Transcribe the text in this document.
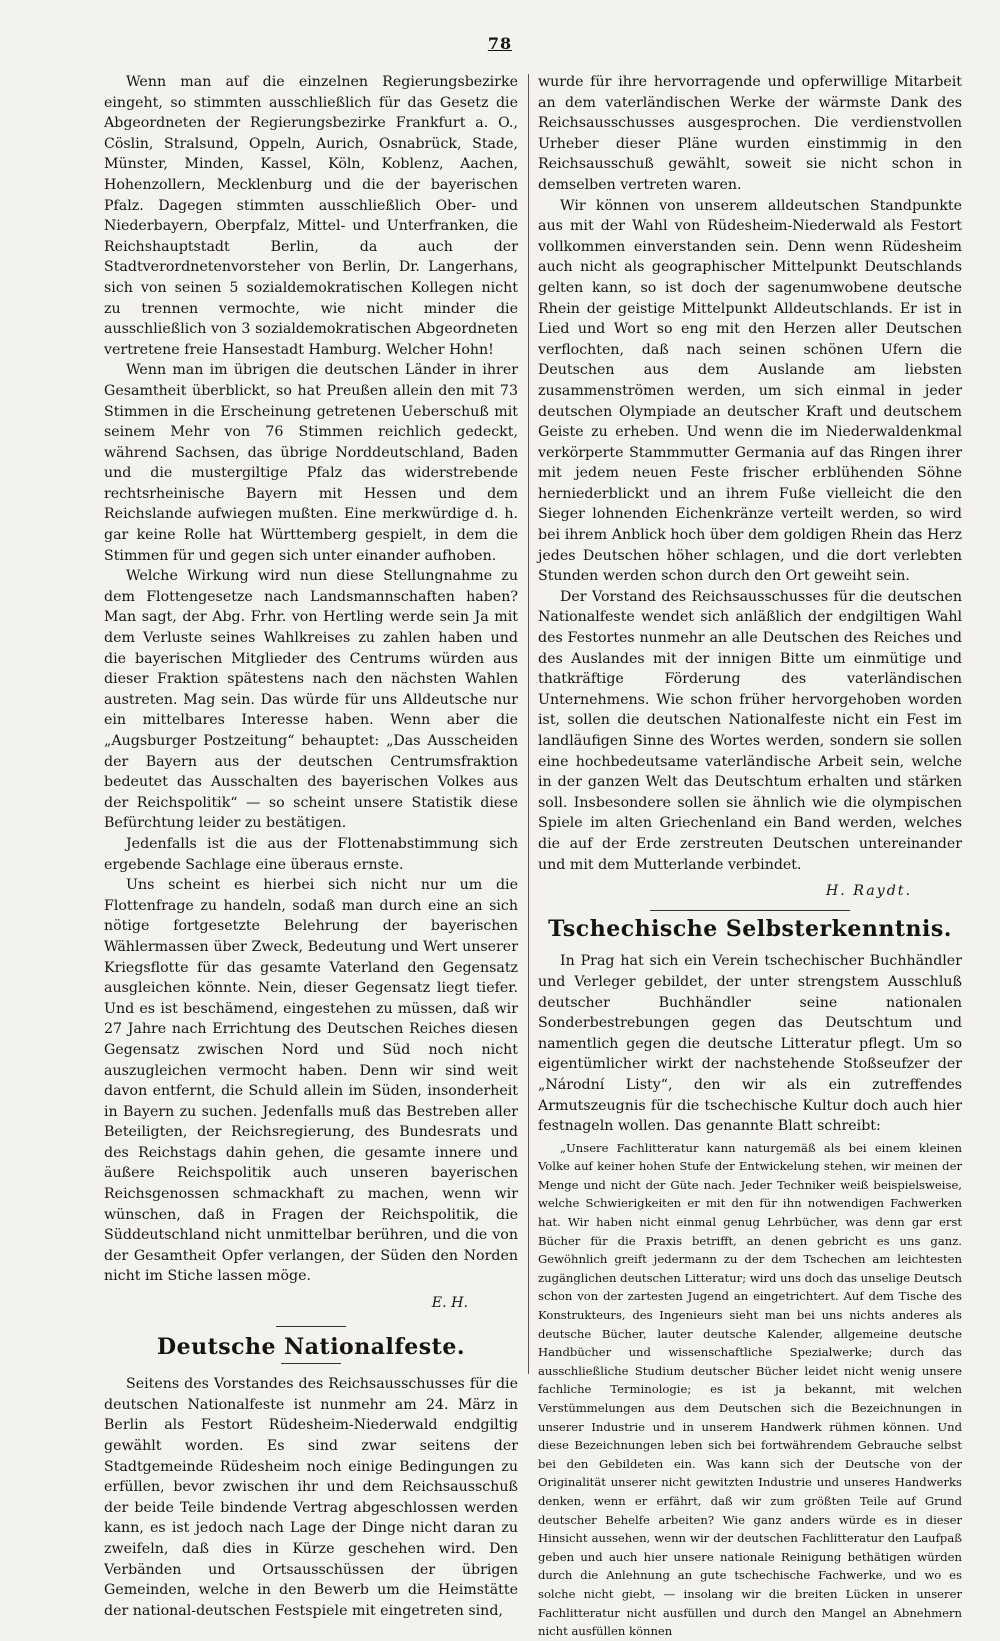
78

Wenn man auf die einzelnen Regierungsbezirke eingeht, so stimmten ausschließlich für das Gesetz die Abgeordneten der Regierungsbezirke Frankfurt a. O., Cöslin, Stralsund, Oppeln, Aurich, Osnabrück, Stade, Münster, Minden, Kassel, Köln, Koblenz, Aachen, Hohenzollern, Mecklenburg und die der bayerischen Pfalz. Dagegen stimmten ausschließlich Ober- und Niederbayern, Oberpfalz, Mittel- und Unterfranken, die Reichshauptstadt Berlin, da auch der Stadtverordnetenvorsteher von Berlin, Dr. Langerhans, sich von seinen 5 sozialdemokratischen Kollegen nicht zu trennen vermochte, wie nicht minder die ausschließlich von 3 sozialdemokratischen Abgeordneten vertretene freie Hansestadt Hamburg. Welcher Hohn!

Wenn man im übrigen die deutschen Länder in ihrer Gesamtheit überblickt, so hat Preußen allein den mit 73 Stimmen in die Erscheinung getretenen Ueberschuß mit seinem Mehr von 76 Stimmen reichlich gedeckt, während Sachsen, das übrige Norddeutschland, Baden und die mustergiltige Pfalz das widerstrebende rechtsrheinische Bayern mit Hessen und dem Reichslande aufwiegen mußten. Eine merkwürdige d. h. gar keine Rolle hat Württemberg gespielt, in dem die Stimmen für und gegen sich unter einander aufhoben.

Welche Wirkung wird nun diese Stellungnahme zu dem Flottengesetze nach Landsmannschaften haben? Man sagt, der Abg. Frhr. von Hertling werde sein Ja mit dem Verluste seines Wahlkreises zu zahlen haben und die bayerischen Mitglieder des Centrums würden aus dieser Fraktion spätestens nach den nächsten Wahlen austreten. Mag sein. Das würde für uns Alldeutsche nur ein mittelbares Interesse haben. Wenn aber die „Augsburger Postzeitung“ behauptet: „Das Ausscheiden der Bayern aus der deutschen Centrumsfraktion bedeutet das Ausschalten des bayerischen Volkes aus der Reichspolitik“ — so scheint unsere Statistik diese Befürchtung leider zu bestätigen.

Jedenfalls ist die aus der Flottenabstimmung sich ergebende Sachlage eine überaus ernste.

Uns scheint es hierbei sich nicht nur um die Flottenfrage zu handeln, sodaß man durch eine an sich nötige fortgesetzte Belehrung der bayerischen Wählermassen über Zweck, Bedeutung und Wert unserer Kriegsflotte für das gesamte Vaterland den Gegensatz ausgleichen könnte. Nein, dieser Gegensatz liegt tiefer. Und es ist beschämend, eingestehen zu müssen, daß wir 27 Jahre nach Errichtung des Deutschen Reiches diesen Gegensatz zwischen Nord und Süd noch nicht auszugleichen vermocht haben. Denn wir sind weit davon entfernt, die Schuld allein im Süden, insonderheit in Bayern zu suchen. Jedenfalls muß das Bestreben aller Beteiligten, der Reichsregierung, des Bundesrats und des Reichstags dahin gehen, die gesamte innere und äußere Reichspolitik auch unseren bayerischen Reichsgenossen schmackhaft zu machen, wenn wir wünschen, daß in Fragen der Reichspolitik, die Süddeutschland nicht unmittelbar berühren, und die von der Gesamtheit Opfer verlangen, der Süden den Norden nicht im Stiche lassen möge.

E. H.
Deutsche Nationalfeste.

Seitens des Vorstandes des Reichsausschusses für die deutschen Nationalfeste ist nunmehr am 24. März in Berlin als Festort Rüdesheim-Niederwald endgiltig gewählt worden. Es sind zwar seitens der Stadtgemeinde Rüdesheim noch einige Bedingungen zu erfüllen, bevor zwischen ihr und dem Reichsausschuß der beide Teile bindende Vertrag abgeschlossen werden kann, es ist jedoch nach Lage der Dinge nicht daran zu zweifeln, daß dies in Kürze geschehen wird. Den Verbänden und Ortsausschüssen der übrigen Gemeinden, welche in den Bewerb um die Heimstätte der national-deutschen Festspiele mit eingetreten sind,

wurde für ihre hervorragende und opferwillige Mitarbeit an dem vaterländischen Werke der wärmste Dank des Reichsausschusses ausgesprochen. Die verdienstvollen Urheber dieser Pläne wurden einstimmig in den Reichsausschuß gewählt, soweit sie nicht schon in demselben vertreten waren.

Wir können von unserem alldeutschen Standpunkte aus mit der Wahl von Rüdesheim-Niederwald als Festort vollkommen einverstanden sein. Denn wenn Rüdesheim auch nicht als geographischer Mittelpunkt Deutschlands gelten kann, so ist doch der sagenumwobene deutsche Rhein der geistige Mittelpunkt Alldeutschlands. Er ist in Lied und Wort so eng mit den Herzen aller Deutschen verflochten, daß nach seinen schönen Ufern die Deutschen aus dem Auslande am liebsten zusammenströmen werden, um sich einmal in jeder deutschen Olympiade an deutscher Kraft und deutschem Geiste zu erheben. Und wenn die im Niederwaldenkmal verkörperte Stammmutter Germania auf das Ringen ihrer mit jedem neuen Feste frischer erblühenden Söhne herniederblickt und an ihrem Fuße vielleicht die den Sieger lohnenden Eichenkränze verteilt werden, so wird bei ihrem Anblick hoch über dem goldigen Rhein das Herz jedes Deutschen höher schlagen, und die dort verlebten Stunden werden schon durch den Ort geweiht sein.

Der Vorstand des Reichsausschusses für die deutschen Nationalfeste wendet sich anläßlich der endgiltigen Wahl des Festortes nunmehr an alle Deutschen des Reiches und des Auslandes mit der innigen Bitte um einmütige und thatkräftige Förderung des vaterländischen Unternehmens. Wie schon früher hervorgehoben worden ist, sollen die deutschen Nationalfeste nicht ein Fest im landläufigen Sinne des Wortes werden, sondern sie sollen eine hochbedeutsame vaterländische Arbeit sein, welche in der ganzen Welt das Deutschtum erhalten und stärken soll. Insbesondere sollen sie ähnlich wie die olympischen Spiele im alten Griechenland ein Band werden, welches die auf der Erde zerstreuten Deutschen untereinander und mit dem Mutterlande verbindet.

H. Raydt.
Tschechische Selbsterkenntnis.

In Prag hat sich ein Verein tschechischer Buchhändler und Verleger gebildet, der unter strengstem Ausschluß deutscher Buchhändler seine nationalen Sonderbestrebungen gegen das Deutschtum und namentlich gegen die deutsche Litteratur pflegt. Um so eigentümlicher wirkt der nachstehende Stoßseufzer der „Národní Listy“, den wir als ein zutreffendes Armutszeugnis für die tschechische Kultur doch auch hier festnageln wollen. Das genannte Blatt schreibt:

„Unsere Fachlitteratur kann naturgemäß als bei einem kleinen Volke auf keiner hohen Stufe der Entwickelung stehen, wir meinen der Menge und nicht der Güte nach. Jeder Techniker weiß beispielsweise, welche Schwierigkeiten er mit den für ihn notwendigen Fachwerken hat. Wir haben nicht einmal genug Lehrbücher, was denn gar erst Bücher für die Praxis betrifft, an denen gebricht es uns ganz. Gewöhnlich greift jedermann zu der dem Tschechen am leichtesten zugänglichen deutschen Litteratur; wird uns doch das unselige Deutsch schon von der zartesten Jugend an eingetrichtert. Auf dem Tische des Konstrukteurs, des Ingenieurs sieht man bei uns nichts anderes als deutsche Bücher, lauter deutsche Kalender, allgemeine deutsche Handbücher und wissenschaftliche Spezialwerke; durch das ausschließliche Studium deutscher Bücher leidet nicht wenig unsere fachliche Terminologie; es ist ja bekannt, mit welchen Verstümmelungen aus dem Deutschen sich die Bezeichnungen in unserer Industrie und in unserem Handwerk rühmen können. Und diese Bezeichnungen leben sich bei fortwährendem Gebrauche selbst bei den Gebildeten ein. Was kann sich der Deutsche von der Originalität unserer nicht gewitzten Industrie und unseres Handwerks denken, wenn er erfährt, daß wir zum größten Teile auf Grund deutscher Behelfe arbeiten? Wie ganz anders würde es in dieser Hinsicht aussehen, wenn wir der deutschen Fachlitteratur den Laufpaß geben und auch hier unsere nationale Reinigung bethätigen würden durch die Anlehnung an gute tschechische Fachwerke, und wo es solche nicht giebt, — insolang wir die breiten Lücken in unserer Fachlitteratur nicht ausfüllen und durch den Mangel an Abnehmern nicht ausfüllen können
